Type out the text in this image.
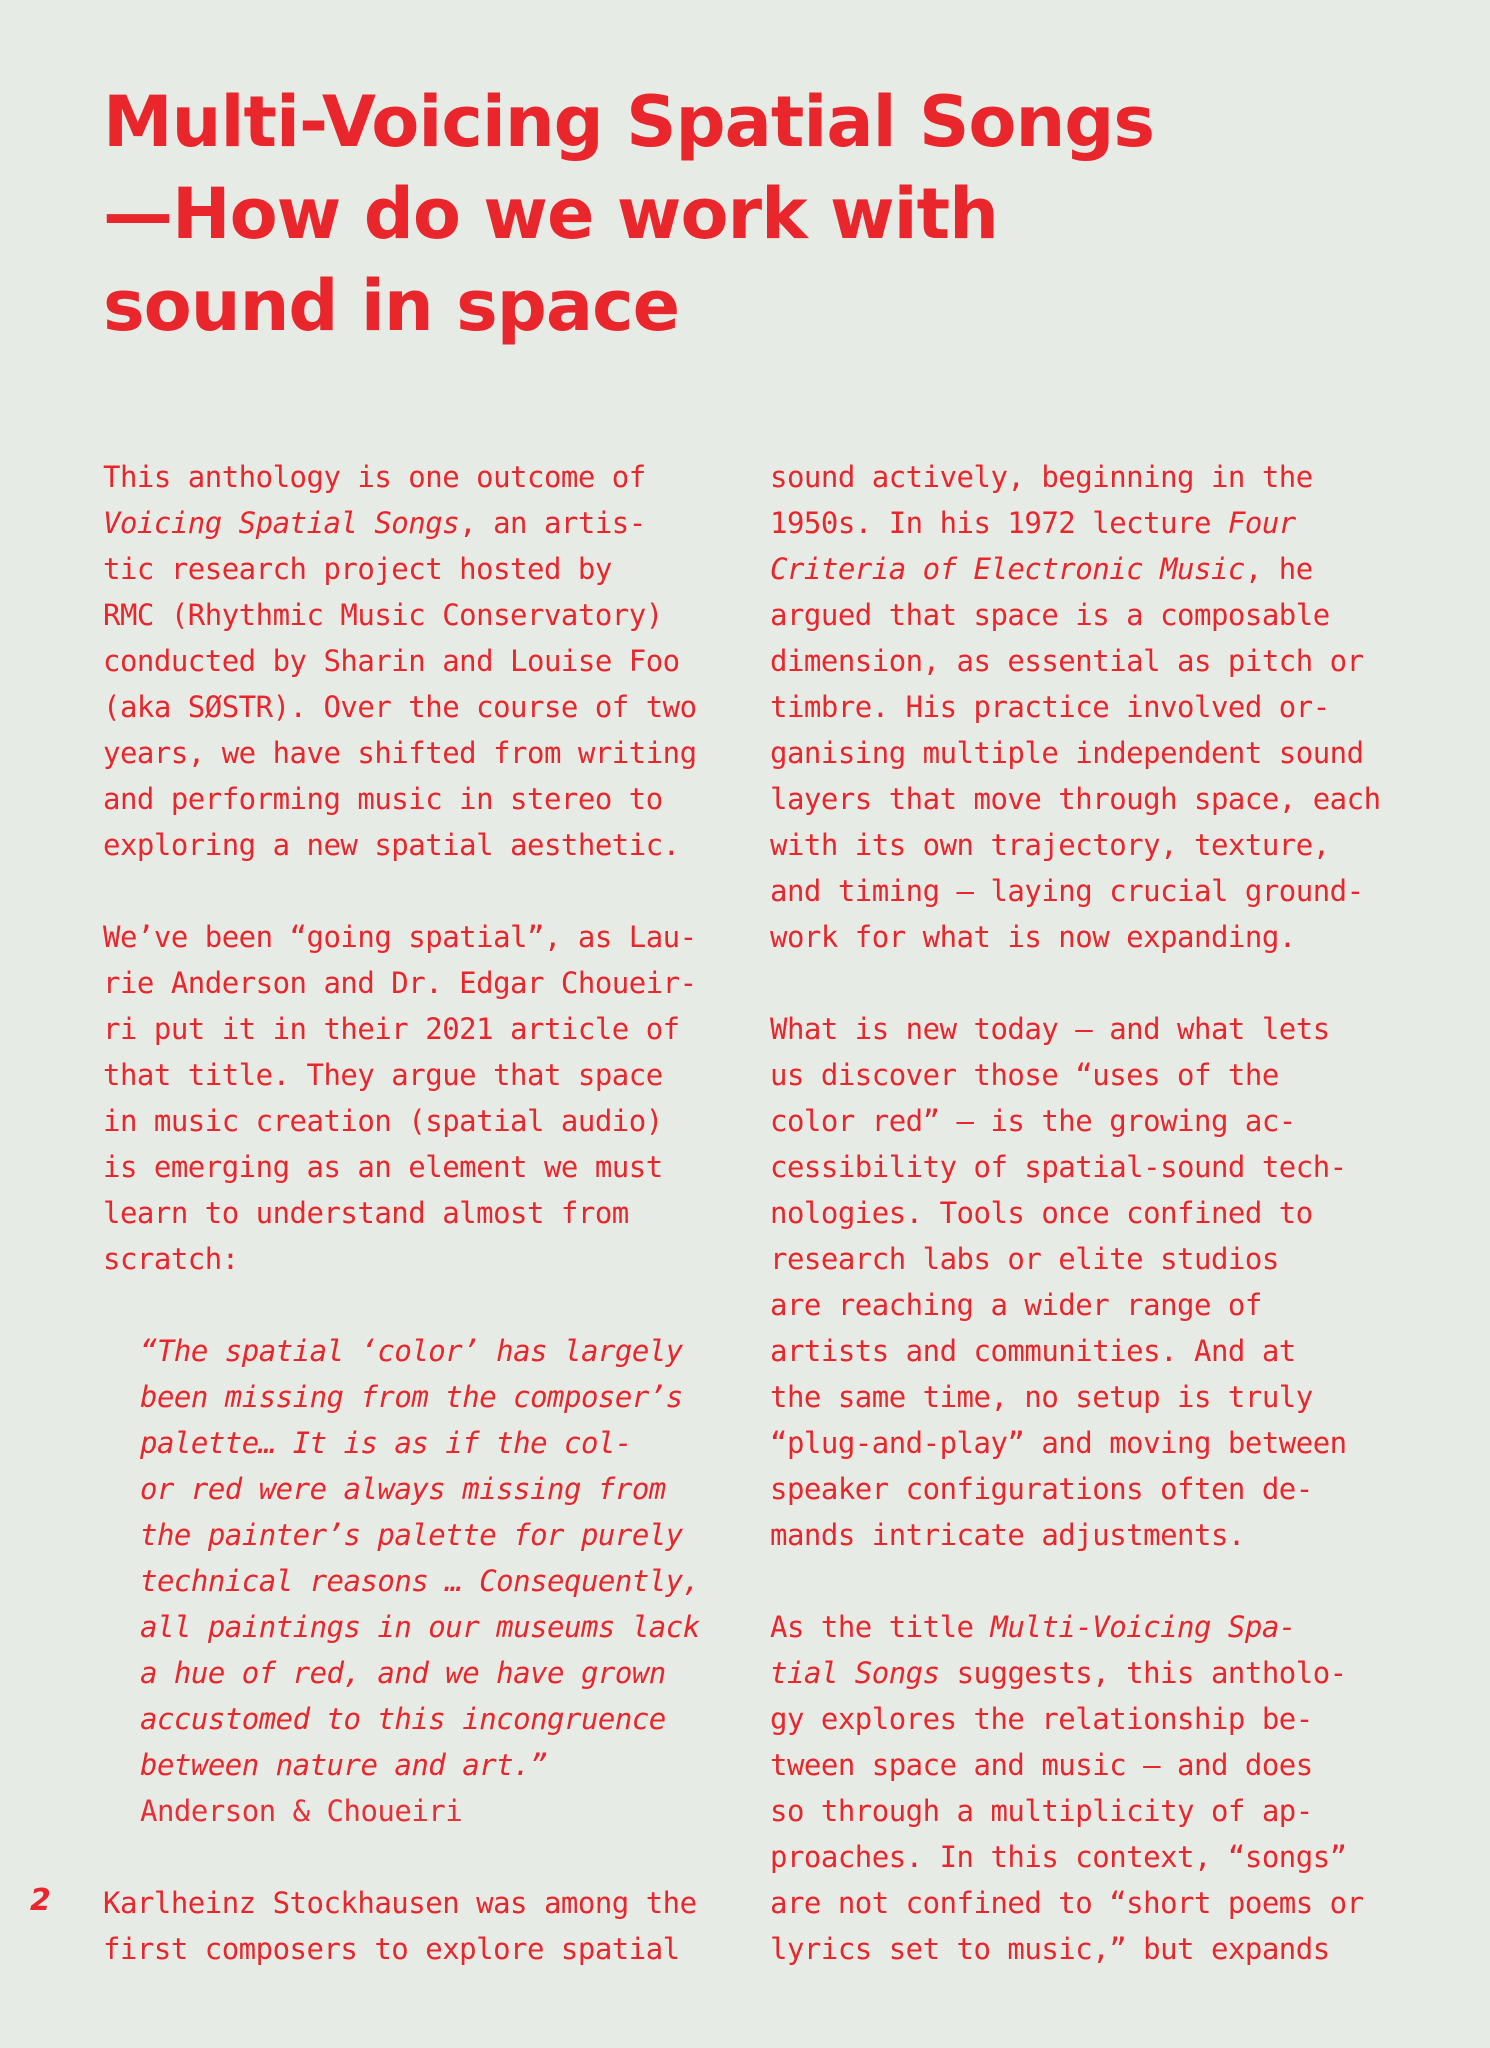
Multi-Voicing Spatial Songs
—How do we work with
sound in space
This anthology is one outcome of
Voicing Spatial Songs, an artis-
tic research project hosted by
RMC (Rhythmic Music Conservatory)
conducted by Sharin and Louise Foo
(aka SØSTR). Over the course of two
years, we have shifted from writing
and performing music in stereo to
exploring a new spatial aesthetic.
We’ve been “going spatial”, as Lau-
rie Anderson and Dr. Edgar Choueir-
ri put it in their 2021 article of
that title. They argue that space
in music creation (spatial audio)
is emerging as an element we must
learn to understand almost from
scratch:
“The spatial ‘color’ has largely
been missing from the composer’s
palette… It is as if the col-
or red were always missing from
the painter’s palette for purely
technical reasons … Consequently,
all paintings in our museums lack
a hue of red, and we have grown
accustomed to this incongruence
between nature and art.”
Anderson & Choueiri
Karlheinz Stockhausen was among the
first composers to explore spatial
sound actively, beginning in the
1950s. In his 1972 lecture Four
Criteria of Electronic Music, he
argued that space is a composable
dimension, as essential as pitch or
timbre. His practice involved or-
ganising multiple independent sound
layers that move through space, each
with its own trajectory, texture,
and timing — laying crucial ground-
work for what is now expanding.
What is new today — and what lets
us discover those “uses of the
color red” — is the growing ac-
cessibility of spatial-sound tech-
nologies. Tools once confined to
research labs or elite studios
are reaching a wider range of
artists and communities. And at
the same time, no setup is truly
“plug-and-play” and moving between
speaker configurations often de-
mands intricate adjustments.
As the title Multi-Voicing Spa-
tial Songs suggests, this antholo-
gy explores the relationship be-
tween space and music — and does
so through a multiplicity of ap-
proaches. In this context, “songs”
are not confined to “short poems or
lyrics set to music,” but expands
2
